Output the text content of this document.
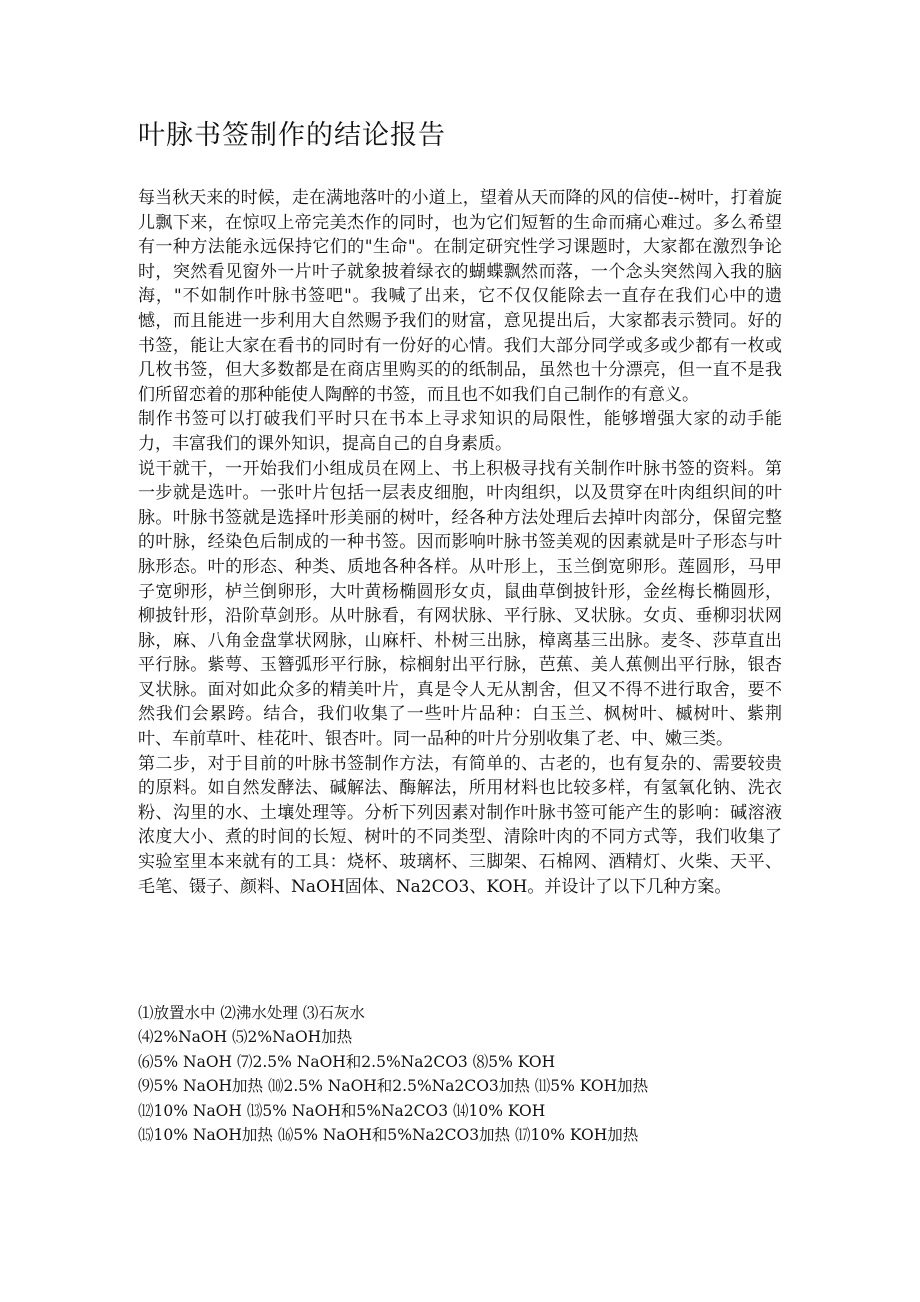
叶脉书签制作的结论报告

每当秋天来的时候，走在满地落叶的小道上，望着从天而降的风的信使--树叶，打着旋儿飘下来，在惊叹上帝完美杰作的同时，也为它们短暂的生命而痛心难过。多么希望有一种方法能永远保持它们的"生命"。在制定研究性学习课题时，大家都在激烈争论时，突然看见窗外一片叶子就象披着绿衣的蝴蝶飘然而落，一个念头突然闯入我的脑海，"不如制作叶脉书签吧"。我喊了出来，它不仅仅能除去一直存在我们心中的遗憾，而且能进一步利用大自然赐予我们的财富，意见提出后，大家都表示赞同。好的书签，能让大家在看书的同时有一份好的心情。我们大部分同学或多或少都有一枚或几枚书签，但大多数都是在商店里购买的的纸制品，虽然也十分漂亮，但一直不是我们所留恋着的那种能使人陶醉的书签，而且也不如我们自己制作的有意义。

制作书签可以打破我们平时只在书本上寻求知识的局限性，能够增强大家的动手能力，丰富我们的课外知识，提高自己的自身素质。

说干就干，一开始我们小组成员在网上、书上积极寻找有关制作叶脉书签的资料。第一步就是选叶。一张叶片包括一层表皮细胞，叶肉组织，以及贯穿在叶肉组织间的叶脉。叶脉书签就是选择叶形美丽的树叶，经各种方法处理后去掉叶肉部分，保留完整的叶脉，经染色后制成的一种书签。因而影响叶脉书签美观的因素就是叶子形态与叶脉形态。叶的形态、种类、质地各种各样。从叶形上，玉兰倒宽卵形。莲圆形，马甲子宽卵形，栌兰倒卵形，大叶黄杨椭圆形女贞，鼠曲草倒披针形，金丝梅长椭圆形，柳披针形，沿阶草剑形。从叶脉看，有网状脉、平行脉、叉状脉。女贞、垂柳羽状网脉，麻、八角金盘掌状网脉，山麻杆、朴树三出脉，樟离基三出脉。麦冬、莎草直出平行脉。紫萼、玉簪弧形平行脉，棕榈射出平行脉，芭蕉、美人蕉侧出平行脉，银杏叉状脉。面对如此众多的精美叶片，真是令人无从割舍，但又不得不进行取舍，要不然我们会累跨。结合，我们收集了一些叶片品种：白玉兰、枫树叶、槭树叶、紫荆叶、车前草叶、桂花叶、银杏叶。同一品种的叶片分别收集了老、中、嫩三类。

第二步，对于目前的叶脉书签制作方法，有简单的、古老的，也有复杂的、需要较贵的原料。如自然发酵法、碱解法、酶解法，所用材料也比较多样，有氢氧化钠、洗衣粉、沟里的水、土壤处理等。分析下列因素对制作叶脉书签可能产生的影响：碱溶液浓度大小、煮的时间的长短、树叶的不同类型、清除叶肉的不同方式等，我们收集了实验室里本来就有的工具：烧杯、玻璃杯、三脚架、石棉网、酒精灯、火柴、天平、毛笔、镊子、颜料、NaOH固体、Na2CO3、KOH。并设计了以下几种方案。

⑴放置水中 ⑵沸水处理 ⑶石灰水
⑷2%NaOH ⑸2%NaOH加热
⑹5% NaOH ⑺2.5% NaOH和2.5%Na2CO3 ⑻5% KOH
⑼5% NaOH加热 ⑽2.5% NaOH和2.5%Na2CO3加热 ⑾5% KOH加热
⑿10% NaOH ⒀5% NaOH和5%Na2CO3 ⒁10% KOH
⒂10% NaOH加热 ⒃5% NaOH和5%Na2CO3加热 ⒄10% KOH加热
